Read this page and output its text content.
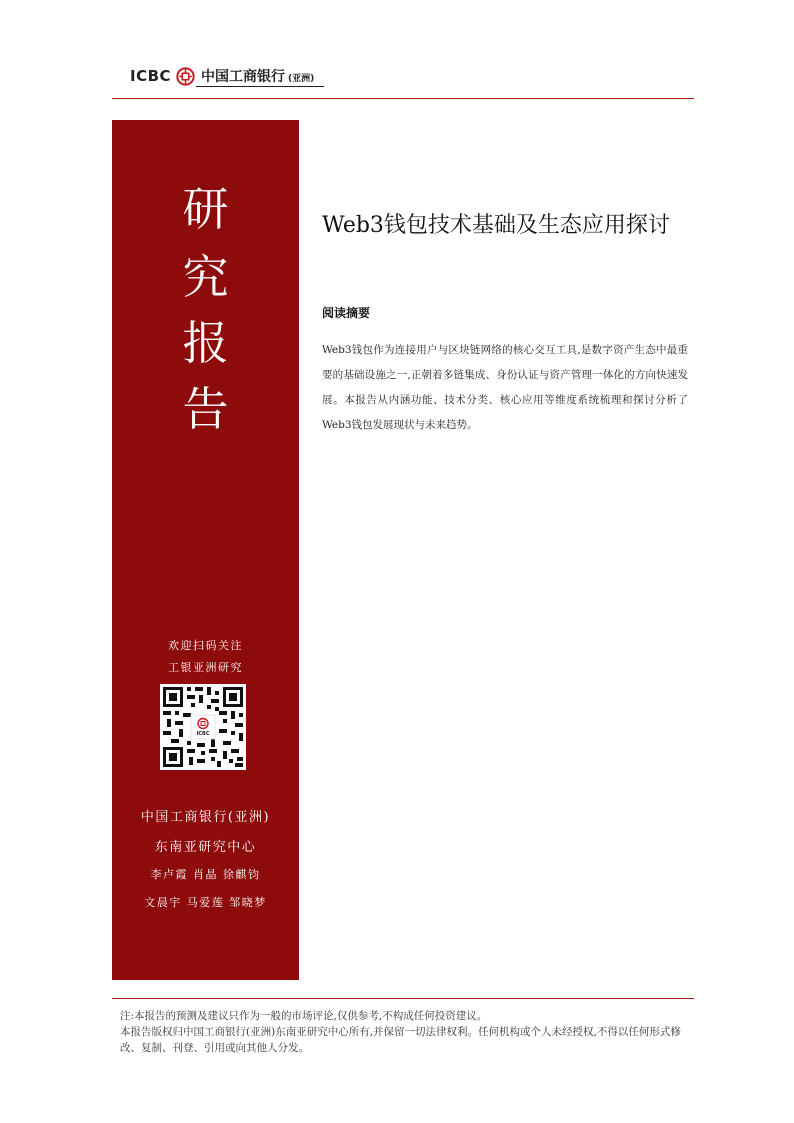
ICBC 中国工商银行 (亚洲)
研
究
报
告
欢迎扫码关注
工银亚洲研究
ICBC
中国工商银行(亚洲)
东南亚研究中心
李卢霞 肖晶 徐麒钧
文晨宇 马爱莲 邹晓梦
Web3钱包技术基础及生态应用探讨
阅读摘要
Web3钱包作为连接用户与区块链网络的核心交互工具,是数字资产生态中最重要的基础设施之一,正朝着多链集成、身份认证与资产管理一体化的方向快速发展。本报告从内涵功能、技术分类、核心应用等维度系统梳理和探讨分析了Web3钱包发展现状与未来趋势。

注:本报告的预测及建议只作为一般的市场评论,仅供参考,不构成任何投资建议。

本报告版权归中国工商银行(亚洲)东南亚研究中心所有,并保留一切法律权利。任何机构或个人未经授权,不得以任何形式修改、复制、刊登、引用或向其他人分发。
